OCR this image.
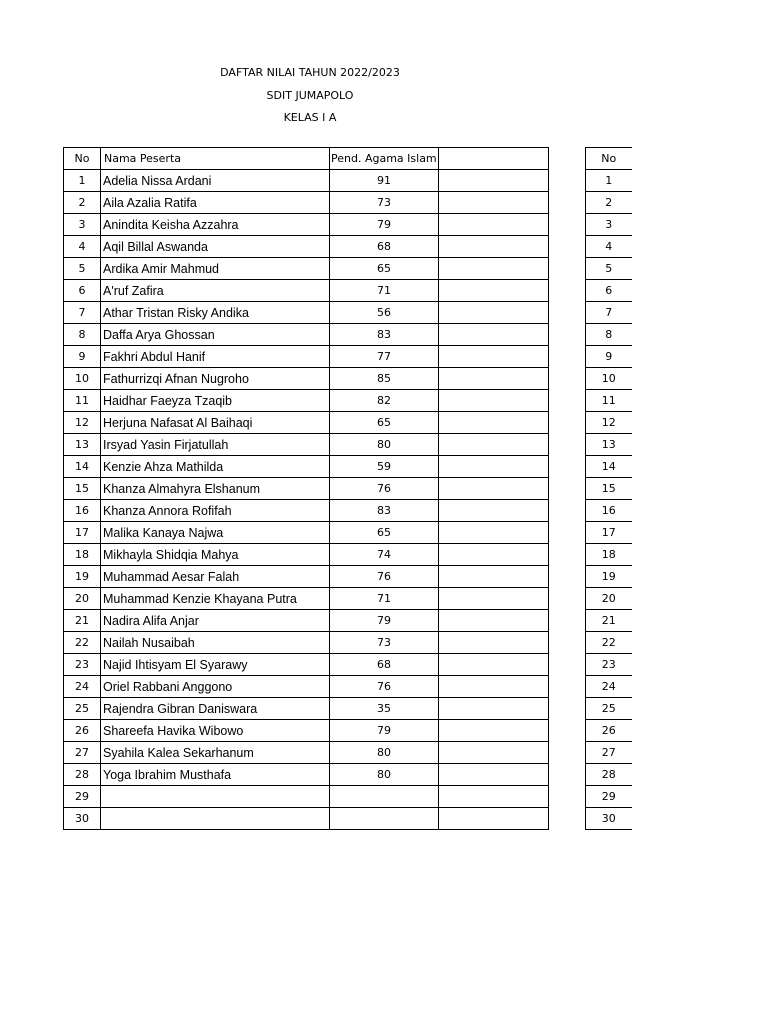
DAFTAR NILAI TAHUN 2022/2023
SDIT JUMAPOLO
KELAS I A
No	Nama Peserta	Pend. Agama Islam	
1	Adelia Nissa Ardani	91	
2	Aila Azalia Ratifa	73	
3	Anindita Keisha Azzahra	79	
4	Aqil Billal Aswanda	68	
5	Ardika Amir Mahmud	65	
6	A'ruf Zafira	71	
7	Athar Tristan Risky Andika	56	
8	Daffa Arya Ghossan	83	
9	Fakhri Abdul Hanif	77	
10	Fathurrizqi Afnan Nugroho	85	
11	Haidhar Faeyza Tzaqib	82	
12	Herjuna Nafasat Al Baihaqi	65	
13	Irsyad Yasin Firjatullah	80	
14	Kenzie Ahza Mathilda	59	
15	Khanza Almahyra Elshanum	76	
16	Khanza Annora Rofifah	83	
17	Malika Kanaya Najwa	65	
18	Mikhayla Shidqia Mahya	74	
19	Muhammad Aesar Falah	76	
20	Muhammad Kenzie Khayana Putra	71	
21	Nadira Alifa Anjar	79	
22	Nailah Nusaibah	73	
23	Najid Ihtisyam El Syarawy	68	
24	Oriel Rabbani Anggono	76	
25	Rajendra Gibran Daniswara	35	
26	Shareefa Havika Wibowo	79	
27	Syahila Kalea Sekarhanum	80	
28	Yoga Ibrahim Musthafa	80	
29			
30			
No
1
2
3
4
5
6
7
8
9
10
11
12
13
14
15
16
17
18
19
20
21
22
23
24
25
26
27
28
29
30
